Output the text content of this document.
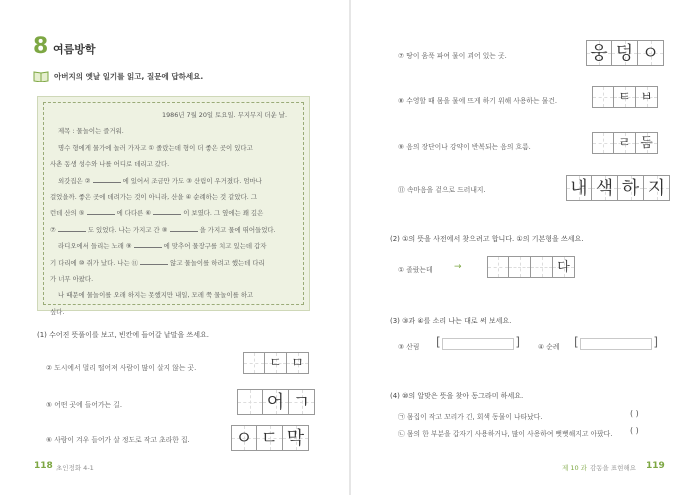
8 여름방학
아버지의 옛날 일기를 읽고, 질문에 답하세요.
1986년 7월 20일 토요일. 무지무지 더운 날.
제목 : 물놀이는 즐거워.
명수 형에게 물가에 놀러 가자고 ① 졸랐는데 형이 더 좋은 곳이 있다고
사촌 동생 성수와 나를 어디로 데리고 갔다.
외갓집은 ②	에 있어서 조금만 가도 ③ 산림이 우거졌다. 엄마나
걸었을까. 좋은 곳에 데려가는 것이 아니라, 산을 ④ 순례하는 것 같았다. 그
런데 산의 ⑤	에 다다른 ⑥	이 보였다. 그 옆에는 꽤 깊은
⑦	도 있었다. 나는 가지고 간 ⑧	을 가지고 물에 뛰어들었다.
라디오에서 들리는 노래 ⑨	에 맞추어 물장구를 치고 있는데 갑자
기 다리에 ⑩ 쥐가 났다. 나는 ⑪	않고 물놀이를 하려고 했는데 다리
가 너무 아팠다.
나 때문에 물놀이를 오래 하지는 못했지만 내일, 모레 쭉 물놀이를 하고
싶다.
(1) 수어진 뜻풀이를 보고, 빈칸에 들어갈 낱말을 쓰세요.
② 도시에서 멀리 떨어져 사람이 많이 살지 않는 곳.	ㄷ ㅁ
⑤ 어떤 곳에 들어가는 길.	어 ㄱ
⑥ 사람이 겨우 들어가 살 정도로 작고 초라한 집.	ㅇ ㄷ 막
118 초인정화 4-1
⑦ 땅이 움푹 파여 물이 괴어 있는 곳.	웅 덩 ㅇ
⑧ 수영할 때 몸을 물에 뜨게 하기 위해 사용하는 물건.	ㅌ ㅂ
⑨ 음의 장단이나 강약이 반복되는 음의 흐름.	ㄹ 듬
⑪ 속마음을 겉으로 드러내지.	내 색 하 지
(2) ①의 뜻을 사전에서 찾으려고 합니다. ①의 기본형을 쓰세요.
① 졸랐는데 →	다
(3) ③과 ④를 소리 나는 대로 써 보세요.
③ 산림 [	]	④ 순례 [	]
(4) ⑩의 알맞은 뜻을 찾아 동그라미 하세요.
㉠ 몸집이 작고 꼬리가 긴, 회색 동물이 나타났다.	( )
㉡ 몸의 한 부분을 갑자기 사용하거나, 많이 사용하여 뻣뻣해지고 아팠다. ( )
제 10 과 감동을 표현해요 119
